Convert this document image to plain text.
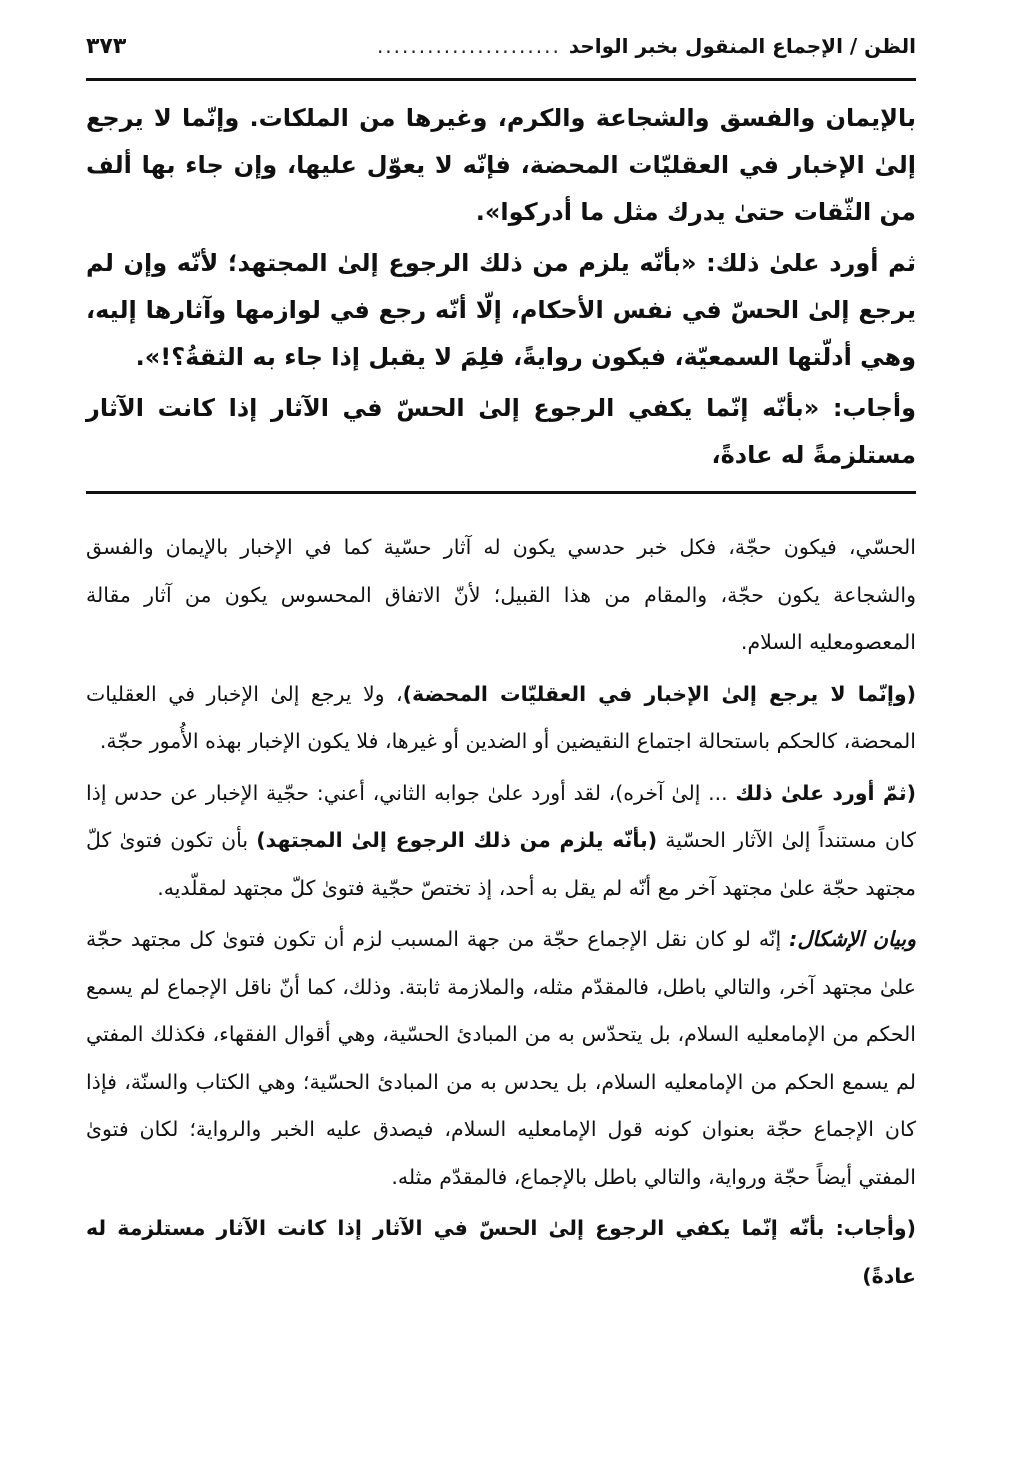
الظن / الإجماع المنقول بخبر الواحد
......................
٣٧٣

بالإيمان والفسق والشجاعة والكرم، وغيرها من الملكات. وإنّما لا يرجع إلىٰ الإخبار في العقليّات المحضة، فإنّه لا يعوّل عليها، وإن جاء بها ألف من الثّقات حتىٰ يدرك مثل ما أدركوا».

ثم أورد علىٰ ذلك: «بأنّه يلزم من ذلك الرجوع إلىٰ المجتهد؛ لأنّه وإن لم يرجع إلىٰ الحسّ في نفس الأحكام، إلّا أنّه رجع في لوازمها وآثارها إليه، وهي أدلّتها السمعيّة، فيكون روايةً، فلِمَ لا يقبل إذا جاء به الثقةُ؟!».

وأجاب: «بأنّه إنّما يكفي الرجوع إلىٰ الحسّ في الآثار إذا كانت الآثار مستلزمةً له عادةً،

الحسّي، فيكون حجّة، فكل خبر حدسي يكون له آثار حسّية كما في الإخبار بالإيمان والفسق والشجاعة يكون حجّة، والمقام من هذا القبيل؛ لأنّ الاتفاق المحسوس يكون من آثار مقالة المعصومعليه السلام.

(وإنّما لا يرجع إلىٰ الإخبار في العقليّات المحضة)، ولا يرجع إلىٰ الإخبار في العقليات المحضة، كالحكم باستحالة اجتماع النقيضين أو الضدين أو غيرها، فلا يكون الإخبار بهذه الأُمور حجّة.

(ثمّ أورد علىٰ ذلك ... إلىٰ آخره)، لقد أورد علىٰ جوابه الثاني، أعني: حجّية الإخبار عن حدس إذا كان مستنداً إلىٰ الآثار الحسّية (بأنّه يلزم من ذلك الرجوع إلىٰ المجتهد) بأن تكون فتوىٰ كلّ مجتهد حجّة علىٰ مجتهد آخر مع أنّه لم يقل به أحد، إذ تختصّ حجّية فتوىٰ كلّ مجتهد لمقلّديه.

وبيان الإشكال: إنّه لو كان نقل الإجماع حجّة من جهة المسبب لزم أن تكون فتوىٰ كل مجتهد حجّة علىٰ مجتهد آخر، والتالي باطل، فالمقدّم مثله، والملازمة ثابتة. وذلك، كما أنّ ناقل الإجماع لم يسمع الحكم من الإمامعليه السلام، بل يتحدّس به من المبادئ الحسّية، وهي أقوال الفقهاء، فكذلك المفتي لم يسمع الحكم من الإمامعليه السلام، بل يحدس به من المبادئ الحسّية؛ وهي الكتاب والسنّة، فإذا كان الإجماع حجّة بعنوان كونه قول الإمامعليه السلام، فيصدق عليه الخبر والرواية؛ لكان فتوىٰ المفتي أيضاً حجّة ورواية، والتالي باطل بالإجماع، فالمقدّم مثله.

(وأجاب: بأنّه إنّما يكفي الرجوع إلىٰ الحسّ في الآثار إذا كانت الآثار مستلزمة له عادةً)
